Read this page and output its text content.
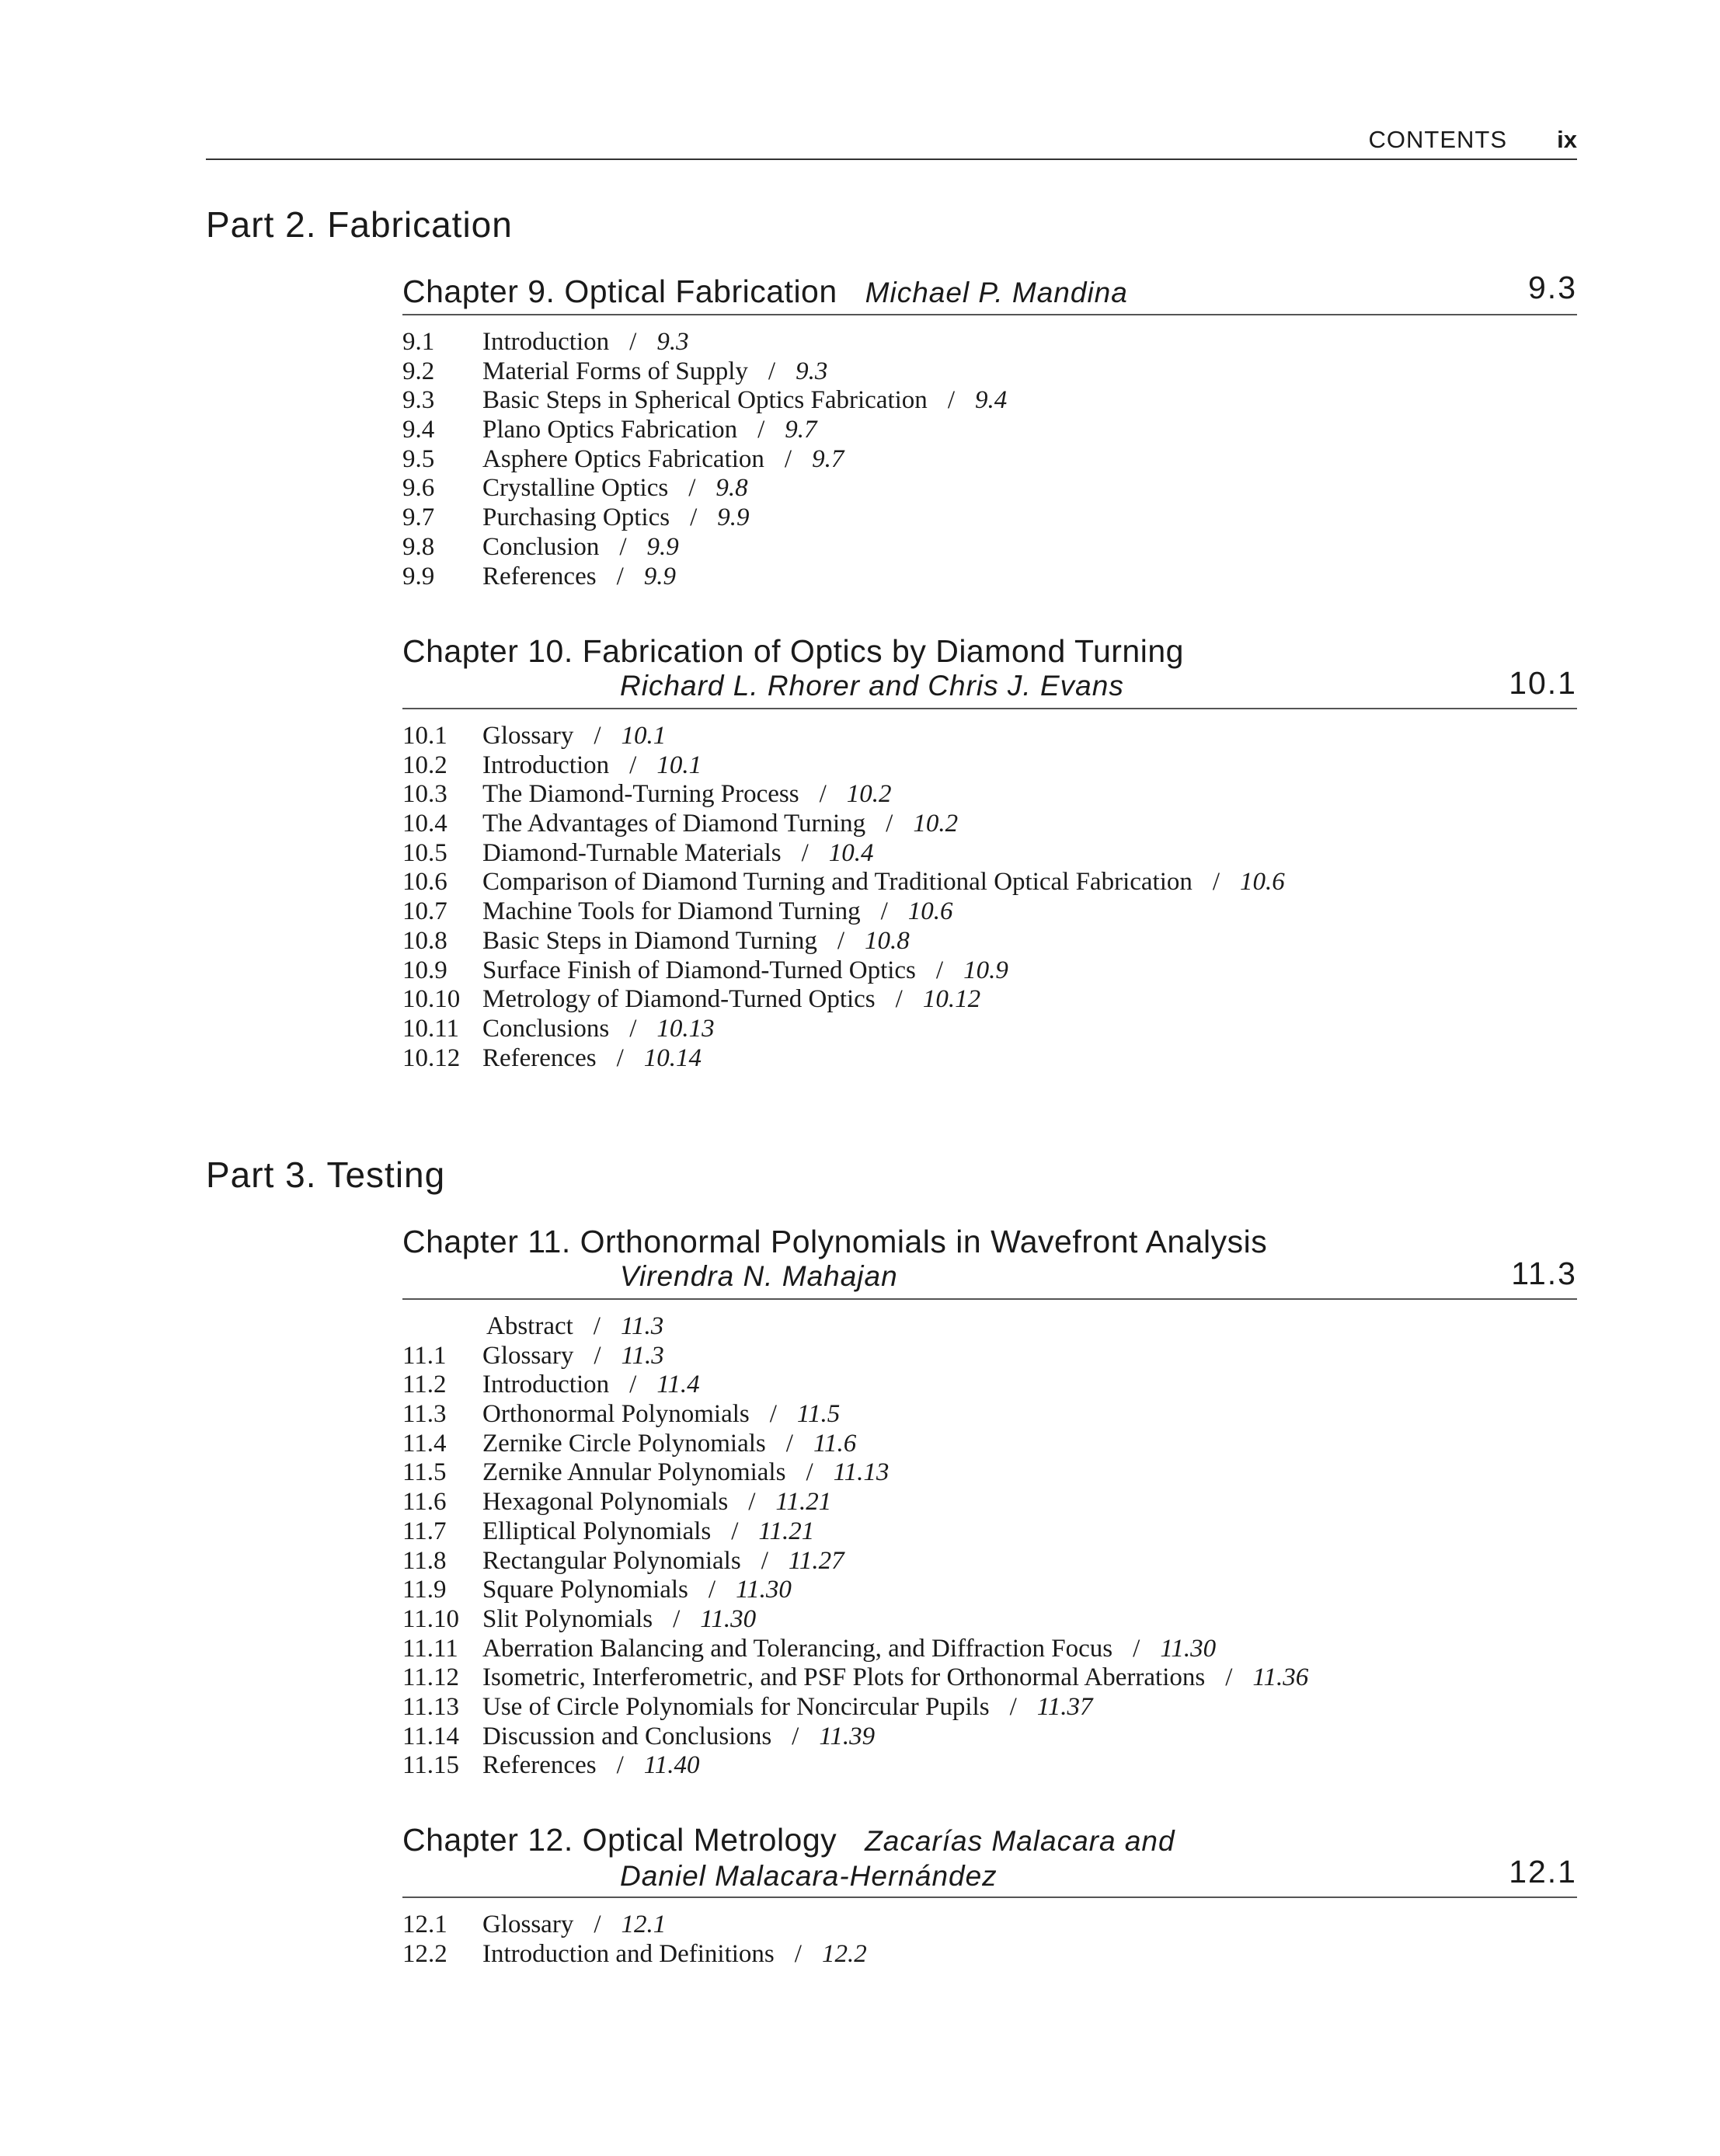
CONTENTS ix
Part 2. Fabrication
Chapter 9. Optical Fabrication Michael P. Mandina	9.3
9.1 Introduction / 9.3
9.2 Material Forms of Supply / 9.3
9.3 Basic Steps in Spherical Optics Fabrication / 9.4
9.4 Plano Optics Fabrication / 9.7
9.5 Asphere Optics Fabrication / 9.7
9.6 Crystalline Optics / 9.8
9.7 Purchasing Optics / 9.9
9.8 Conclusion / 9.9
9.9 References / 9.9
Chapter 10. Fabrication of Optics by Diamond Turning
Richard L. Rhorer and Chris J. Evans	10.1
10.1 Glossary / 10.1
10.2 Introduction / 10.1
10.3 The Diamond-Turning Process / 10.2
10.4 The Advantages of Diamond Turning / 10.2
10.5 Diamond-Turnable Materials / 10.4
10.6 Comparison of Diamond Turning and Traditional Optical Fabrication / 10.6
10.7 Machine Tools for Diamond Turning / 10.6
10.8 Basic Steps in Diamond Turning / 10.8
10.9 Surface Finish of Diamond-Turned Optics / 10.9
10.10 Metrology of Diamond-Turned Optics / 10.12
10.11 Conclusions / 10.13
10.12 References / 10.14
Part 3. Testing
Chapter 11. Orthonormal Polynomials in Wavefront Analysis
Virendra N. Mahajan	11.3
Abstract / 11.3
11.1 Glossary / 11.3
11.2 Introduction / 11.4
11.3 Orthonormal Polynomials / 11.5
11.4 Zernike Circle Polynomials / 11.6
11.5 Zernike Annular Polynomials / 11.13
11.6 Hexagonal Polynomials / 11.21
11.7 Elliptical Polynomials / 11.21
11.8 Rectangular Polynomials / 11.27
11.9 Square Polynomials / 11.30
11.10 Slit Polynomials / 11.30
11.11 Aberration Balancing and Tolerancing, and Diffraction Focus / 11.30
11.12 Isometric, Interferometric, and PSF Plots for Orthonormal Aberrations / 11.36
11.13 Use of Circle Polynomials for Noncircular Pupils / 11.37
11.14 Discussion and Conclusions / 11.39
11.15 References / 11.40
Chapter 12. Optical Metrology Zacarías Malacara and
Daniel Malacara-Hernández	12.1
12.1 Glossary / 12.1
12.2 Introduction and Definitions / 12.2
